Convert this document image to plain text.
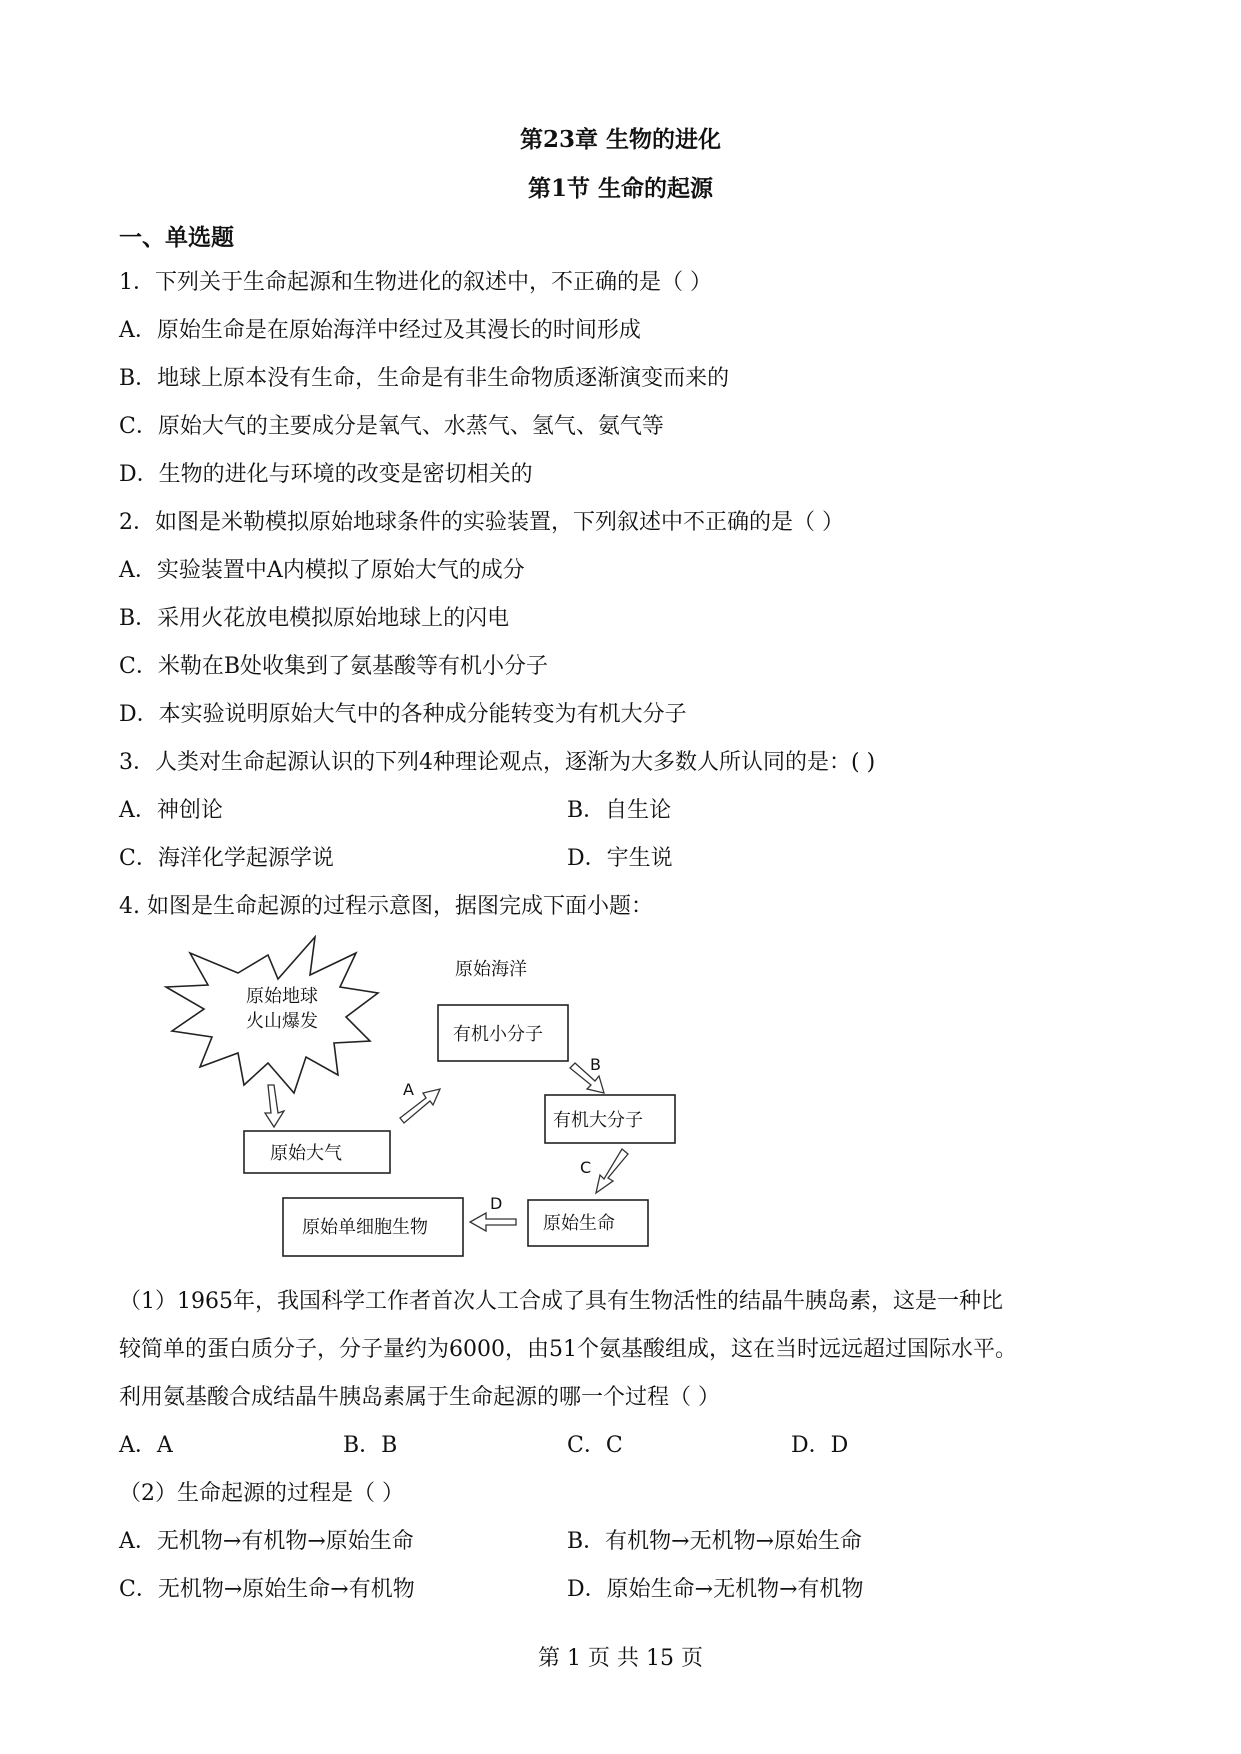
第23章 生物的进化
第1节 生命的起源
一、单选题
1．下列关于生命起源和生物进化的叙述中，不正确的是（ ）
A．原始生命是在原始海洋中经过及其漫长的时间形成
B．地球上原本没有生命，生命是有非生命物质逐渐演变而来的
C．原始大气的主要成分是氧气、水蒸气、氢气、氨气等
D．生物的进化与环境的改变是密切相关的
2．如图是米勒模拟原始地球条件的实验装置，下列叙述中不正确的是（ ）
A．实验装置中A内模拟了原始大气的成分
B．采用火花放电模拟原始地球上的闪电
C．米勒在B处收集到了氨基酸等有机小分子
D．本实验说明原始大气中的各种成分能转变为有机大分子
3．人类对生命起源认识的下列4种理论观点，逐渐为大多数人所认同的是：( )
A．神创论	B．自生论
C．海洋化学起源学说	D．宇生说
4. 如图是生命起源的过程示意图，据图完成下面小题：
原始地球
火山爆发
原始海洋
有机小分子
原始大气
有机大分子
原始生命
原始单细胞生物
A
B
C
D
（1）1965年，我国科学工作者首次人工合成了具有生物活性的结晶牛胰岛素，这是一种比
较简单的蛋白质分子，分子量约为6000，由51个氨基酸组成，这在当时远远超过国际水平。
利用氨基酸合成结晶牛胰岛素属于生命起源的哪一个过程（ ）
A．A	B．B	C．C	D．D
（2）生命起源的过程是（ ）
A．无机物→有机物→原始生命	B．有机物→无机物→原始生命
C．无机物→原始生命→有机物	D．原始生命→无机物→有机物
第 1 页 共 15 页
